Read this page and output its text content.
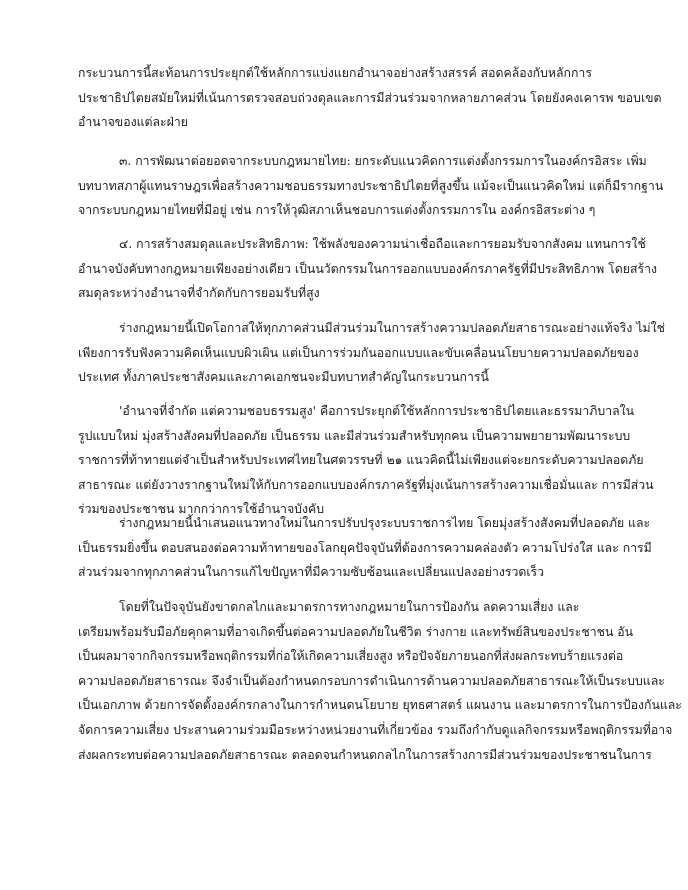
กระบวนการนี้สะท้อนการประยุกต์ใช้หลักการแบ่งแยกอำนาจอย่างสร้างสรรค์ สอดคล้องกับหลักการ
ประชาธิปไตยสมัยใหม่ที่เน้นการตรวจสอบถ่วงดุลและการมีส่วนร่วมจากหลายภาคส่วน โดยยังคงเคารพ ขอบเขต
อำนาจของแต่ละฝ่าย
๓. การพัฒนาต่อยอดจากระบบกฎหมายไทย: ยกระดับแนวคิดการแต่งตั้งกรรมการในองค์กรอิสระ เพิ่ม
บทบาทสภาผู้แทนราษฎรเพื่อสร้างความชอบธรรมทางประชาธิปไตยที่สูงขึ้น แม้จะเป็นแนวคิดใหม่ แต่ก็มีรากฐาน
จากระบบกฎหมายไทยที่มีอยู่ เช่น การให้วุฒิสภาเห็นชอบการแต่งตั้งกรรมการใน องค์กรอิสระต่าง ๆ
๔. การสร้างสมดุลและประสิทธิภาพ: ใช้พลังของความน่าเชื่อถือและการยอมรับจากสังคม แทนการใช้
อำนาจบังคับทางกฎหมายเพียงอย่างเดียว เป็นนวัตกรรมในการออกแบบองค์กรภาครัฐที่มีประสิทธิภาพ โดยสร้าง
สมดุลระหว่างอำนาจที่จำกัดกับการยอมรับที่สูง
ร่างกฎหมายนี้เปิดโอกาสให้ทุกภาคส่วนมีส่วนร่วมในการสร้างความปลอดภัยสาธารณะอย่างแท้จริง ไม่ใช่
เพียงการรับฟังความคิดเห็นแบบผิวเผิน แต่เป็นการร่วมกันออกแบบและขับเคลื่อนนโยบายความปลอดภัยของ
ประเทศ ทั้งภาคประชาสังคมและภาคเอกชนจะมีบทบาทสำคัญในกระบวนการนี้
'อำนาจที่จำกัด แต่ความชอบธรรมสูง' คือการประยุกต์ใช้หลักการประชาธิปไตยและธรรมาภิบาลใน
รูปแบบใหม่ มุ่งสร้างสังคมที่ปลอดภัย เป็นธรรม และมีส่วนร่วมสำหรับทุกคน เป็นความพยายามพัฒนาระบบ
ราชการที่ท้าทายแต่จำเป็นสำหรับประเทศไทยในศตวรรษที่ ๒๑ แนวคิดนี้ไม่เพียงแต่จะยกระดับความปลอดภัย
สาธารณะ แต่ยังวางรากฐานใหม่ให้กับการออกแบบองค์กรภาครัฐที่มุ่งเน้นการสร้างความเชื่อมั่นและ การมีส่วน
ร่วมของประชาชน มากกว่าการใช้อำนาจบังคับ
ร่างกฎหมายนี้นำเสนอแนวทางใหม่ในการปรับปรุงระบบราชการไทย โดยมุ่งสร้างสังคมที่ปลอดภัย และ
เป็นธรรมยิ่งขึ้น ตอบสนองต่อความท้าทายของโลกยุคปัจจุบันที่ต้องการความคล่องตัว ความโปร่งใส และ การมี
ส่วนร่วมจากทุกภาคส่วนในการแก้ไขปัญหาที่มีความซับซ้อนและเปลี่ยนแปลงอย่างรวดเร็ว
โดยที่ในปัจจุบันยังขาดกลไกและมาตรการทางกฎหมายในการป้องกัน ลดความเสี่ยง และ
เตรียมพร้อมรับมือภัยคุกคามที่อาจเกิดขึ้นต่อความปลอดภัยในชีวิต ร่างกาย และทรัพย์สินของประชาชน อัน
เป็นผลมาจากกิจกรรมหรือพฤติกรรมที่ก่อให้เกิดความเสี่ยงสูง หรือปัจจัยภายนอกที่ส่งผลกระทบร้ายแรงต่อ
ความปลอดภัยสาธารณะ จึงจำเป็นต้องกำหนดกรอบการดำเนินการด้านความปลอดภัยสาธารณะให้เป็นระบบและ
เป็นเอกภาพ ด้วยการจัดตั้งองค์กรกลางในการกำหนดนโยบาย ยุทธศาสตร์ แผนงาน และมาตรการในการป้องกันและ
จัดการความเสี่ยง ประสานความร่วมมือระหว่างหน่วยงานที่เกี่ยวข้อง รวมถึงกำกับดูแลกิจกรรมหรือพฤติกรรมที่อาจ
ส่งผลกระทบต่อความปลอดภัยสาธารณะ ตลอดจนกำหนดกลไกในการสร้างการมีส่วนร่วมของประชาชนในการ
